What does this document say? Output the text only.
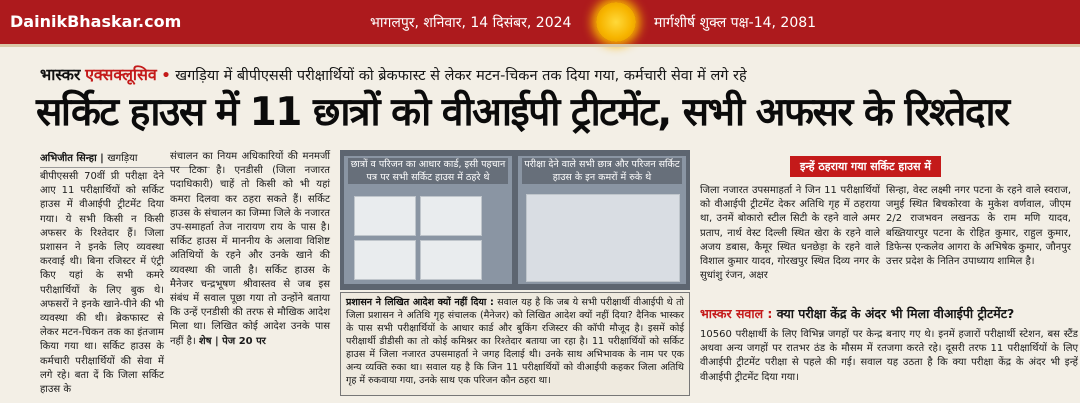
DainikBhaskar.com	भागलपुर, शनिवार, 14 दिसंबर, 2024	मार्गशीर्ष शुक्ल पक्ष-14, 2081
भास्कर एक्सक्लूसिव • खगड़िया में बीपीएससी परीक्षार्थियों को ब्रेकफास्ट से लेकर मटन-चिकन तक दिया गया, कर्मचारी सेवा में लगे रहे
सर्किट हाउस में 11 छात्रों को वीआईपी ट्रीटमेंट, सभी अफसर के रिश्तेदार
अभिजीत सिन्हा | खगड़िया
बीपीएससी 70वीं प्री परीक्षा देने आए 11 परीक्षार्थियों को सर्किट हाउस में वीआईपी ट्रीटमेंट दिया गया। ये सभी किसी न किसी अफसर के रिश्तेदार हैं। जिला प्रशासन ने इनके लिए व्यवस्था करवाई थी। बिना रजिस्टर में एंट्री किए यहां के सभी कमरे परीक्षार्थियों के लिए बुक थे। अफसरों ने इनके खाने-पीने की भी व्यवस्था की थी। ब्रेकफास्ट से लेकर मटन-चिकन तक का इंतजाम किया गया था। सर्किट हाउस के कर्मचारी परीक्षार्थियों की सेवा में लगे रहे। बता दें कि जिला सर्किट हाउस के
संचालन का नियम अधिकारियों की मनमर्जी पर टिका है। एनडीसी (जिला नजारत पदाधिकारी) चाहें तो किसी को भी यहां कमरा दिलवा कर ठहरा सकते हैं। सर्किट हाउस के संचालन का जिम्मा जिले के नजारत उप-समाहर्ता तेज नारायण राय के पास है। सर्किट हाउस में माननीय के अलावा विशिष्ट अतिथियों के रहने और उनके खाने की व्यवस्था की जाती है। सर्किट हाउस के मैनेजर चन्द्रभूषण श्रीवास्तव से जब इस संबंध में सवाल पूछा गया तो उन्होंने बताया कि उन्हें एनडीसी की तरफ से मौखिक आदेश मिला था। लिखित कोई आदेश उनके पास नहीं है। शेष | पेज 20 पर
छात्रों व परिजन का आधार कार्ड, इसी पहचान पत्र पर सभी सर्किट हाउस में ठहरे थे
परीक्षा देने वाले सभी छात्र और परिजन सर्किट हाउस के इन कमरों में रुके थे
प्रशासन ने लिखित आदेश क्यों नहीं दिया : सवाल यह है कि जब ये सभी परीक्षार्थी वीआईपी थे तो जिला प्रशासन ने अतिथि गृह संचालक (मैनेजर) को लिखित आदेश क्यों नहीं दिया? दैनिक भास्कर के पास सभी परीक्षार्थियों के आधार कार्ड और बुकिंग रजिस्टर की कॉपी मौजूद है। इसमें कोई परीक्षार्थी डीडीसी का तो कोई कमिश्नर का रिश्तेदार बताया जा रहा है। 11 परीक्षार्थियों को सर्किट हाउस में जिला नजारत उपसमाहर्ता ने जगह दिलाई थी। उनके साथ अभिभावक के नाम पर एक अन्य व्यक्ति रुका था। सवाल यह है कि जिन 11 परीक्षार्थियों को वीआईपी कहकर जिला अतिथि गृह में रुकवाया गया, उनके साथ एक परिजन कौन ठहरा था।
इन्हें ठहराया गया सर्किट हाउस में
जिला नजारत उपसमाहर्ता ने जिन 11 परीक्षार्थियों को वीआईपी ट्रीटमेंट देकर अतिथि गृह में ठहराया था, उनमें बोकारो स्टील सिटी के रहने वाले अमर प्रताप, नार्थ वेस्ट दिल्ली स्थित खेरा के रहने वाले अजय डबास, कैमूर स्थित धनछेड़ा के रहने वाले विशाल कुमार यादव, गोरखपुर स्थित दिव्य नगर के सुधांशु रंजन, अक्षर
सिन्हा, वेस्ट लक्ष्मी नगर पटना के रहने वाले स्वराज, जमुई स्थित बिचकोरवा के मुकेश वर्णवाल, जीएम 2/2 राजभवन लखनऊ के राम मणि यादव, बख्तियारपुर पटना के रोहित कुमार, राहुल कुमार, डिफेन्स एन्कलेव आगरा के अभिषेक कुमार, जौनपुर उत्तर प्रदेश के नितिन उपाध्याय शामिल है।
भास्कर सवाल : क्या परीक्षा केंद्र के अंदर भी मिला वीआईपी ट्रीटमेंट?
10560 परीक्षार्थी के लिए विभिन्न जगहों पर केन्द्र बनाए गए थे। इनमें हजारों परीक्षार्थी स्टेशन, बस स्टैंड अथवा अन्य जगहों पर रातभर ठंड के मौसम में रतजगा करते रहे। दूसरी तरफ 11 परीक्षार्थियों के लिए वीआईपी ट्रीटमेंट परीक्षा से पहले की गई। सवाल यह उठता है कि क्या परीक्षा केंद्र के अंदर भी इन्हें वीआईपी ट्रीटमेंट दिया गया।
